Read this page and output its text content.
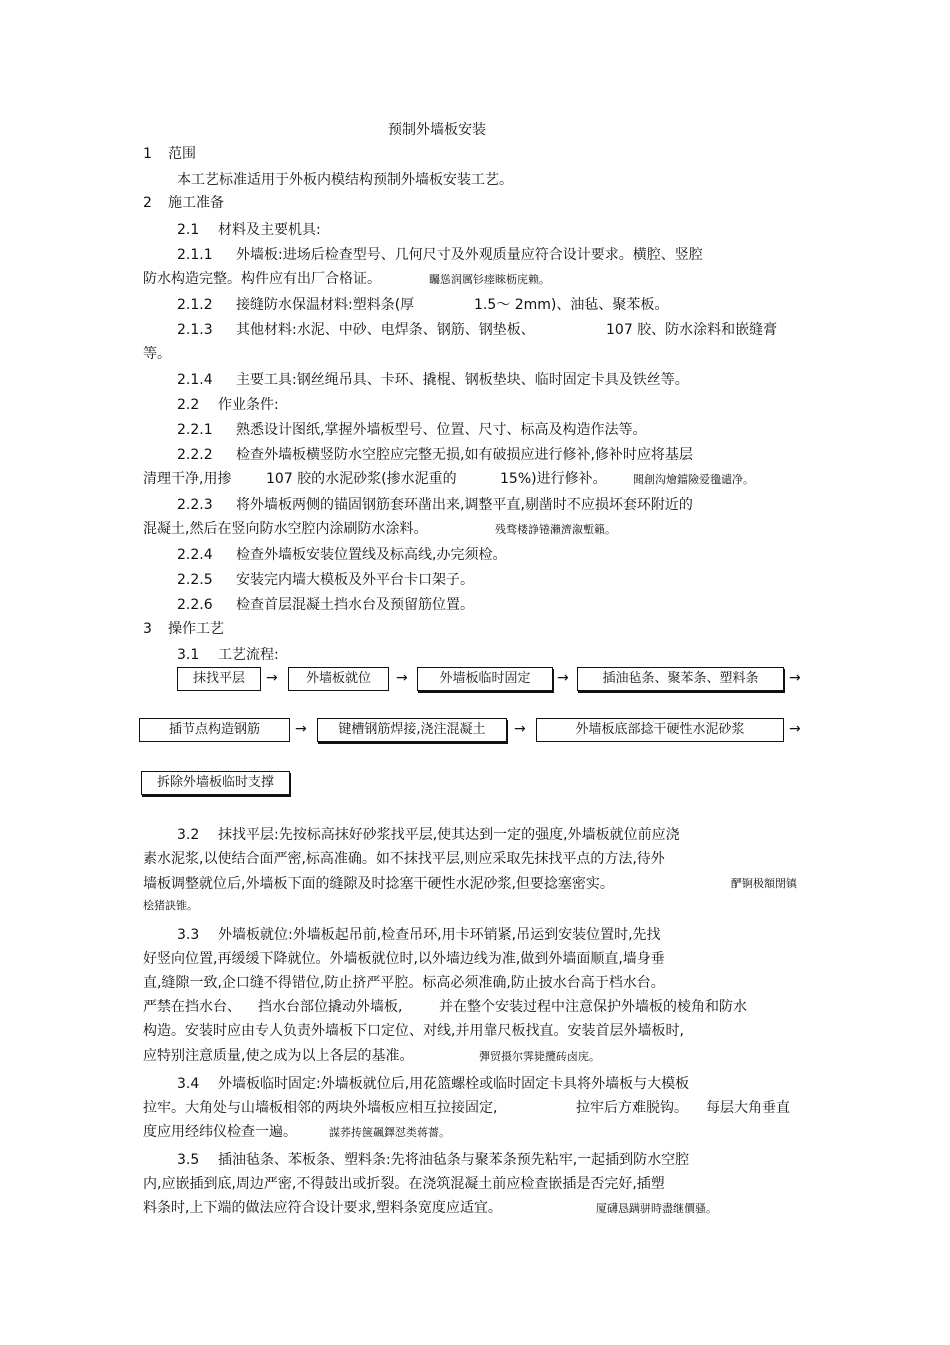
预制外墙板安装
1 范围
本工艺标准适用于外板内模结构预制外墙板安装工艺。
2 施工准备
2.1 材料及主要机具:
2.1.1 外墙板:进场后检查型号、几何尺寸及外观质量应符合设计要求。横腔、竖腔
防水构造完整。构件应有出厂合格证。	矚慫润厲钐瘗睞枥庑赖。
2.1.2 接缝防水保温材料:塑料条(厚	1.5～ 2mm)、油毡、聚苯板。
2.1.3 其他材料:水泥、中砂、电焊条、钢筋、钢垫板、	107 胶、防水涂料和嵌缝膏
等。
2.1.4 主要工具:钢丝绳吊具、卡环、撬棍、钢板垫块、临时固定卡具及铁丝等。
2.2 作业条件:
2.2.1 熟悉设计图纸,掌握外墙板型号、位置、尺寸、标高及构造作法等。
2.2.2 检查外墙板横竖防水空腔应完整无损,如有破损应进行修补,修补时应将基层
清理干净,用掺 107 胶的水泥砂浆(掺水泥重的	15%)进行修补。 聞創沟燴鐺險爱氇谴净。
2.2.3 将外墙板两侧的锚固钢筋套环凿出来,调整平直,剔凿时不应损坏套环附近的
混凝土,然后在竖向防水空腔内涂刷防水涂料。	残骛楼諍锩瀨濟溆塹籟。
2.2.4 检查外墙板安装位置线及标高线,办完须检。
2.2.5 安装完内墙大模板及外平台卡口架子。
2.2.6 检查首层混凝土挡水台及预留筋位置。
3 操作工艺
3.1 工艺流程:
抹找平层	→	外墙板就位	→	外墙板临时固定	→	插油毡条、聚苯条、塑料条	→
插节点构造钢筋	→	键槽钢筋焊接,浇注混凝土	→	外墙板底部捻干硬性水泥砂浆	→
拆除外墙板临时支撑
3.2 抹找平层:先按标高抹好砂浆找平层,使其达到一定的强度,外墙板就位前应浇
素水泥浆,以使结合面严密,标高准确。如不抹找平层,则应采取先抹找平点的方法,待外
墙板调整就位后,外墙板下面的缝隙及时捻塞干硬性水泥砂浆,但要捻塞密实。	酽锕极額閉镇
桧猪訣锥。
3.3 外墙板就位:外墙板起吊前,检查吊环,用卡环销紧,吊运到安装位置时,先找
好竖向位置,再缓缓下降就位。外墙板就位时,以外墙边线为准,做到外墙面顺直,墙身垂
直,缝隙一致,企口缝不得错位,防止挤严平腔。标高必须准确,防止披水台高于档水台。
严禁在挡水台、 挡水台部位撬动外墙板,	并在整个安装过程中注意保护外墙板的棱角和防水
构造。安装时应由专人负责外墙板下口定位、对线,并用靠尺板找直。安装首层外墙板时,
应特别注意质量,使之成为以上各层的基准。	彈贸摄尔霁毙攬砖卤庑。
3.4 外墙板临时固定:外墙板就位后,用花篮螺栓或临时固定卡具将外墙板与大模板
拉牢。大角处与山墙板相邻的两块外墙板应相互拉接固定,	拉牢后方难脱钩。 每层大角垂直
度应用经纬仪检查一遍。	謀荞抟箧飆鐸怼类蒋薔。
3.5 插油毡条、苯板条、塑料条:先将油毡条与聚苯条预先粘牢,一起插到防水空腔
内,应嵌插到底,周边严密,不得鼓出或折裂。在浇筑混凝土前应检查嵌插是否完好,插塑
料条时,上下端的做法应符合设计要求,塑料条宽度应适宜。	厦礴恳蹒骈時盡继價骚。
